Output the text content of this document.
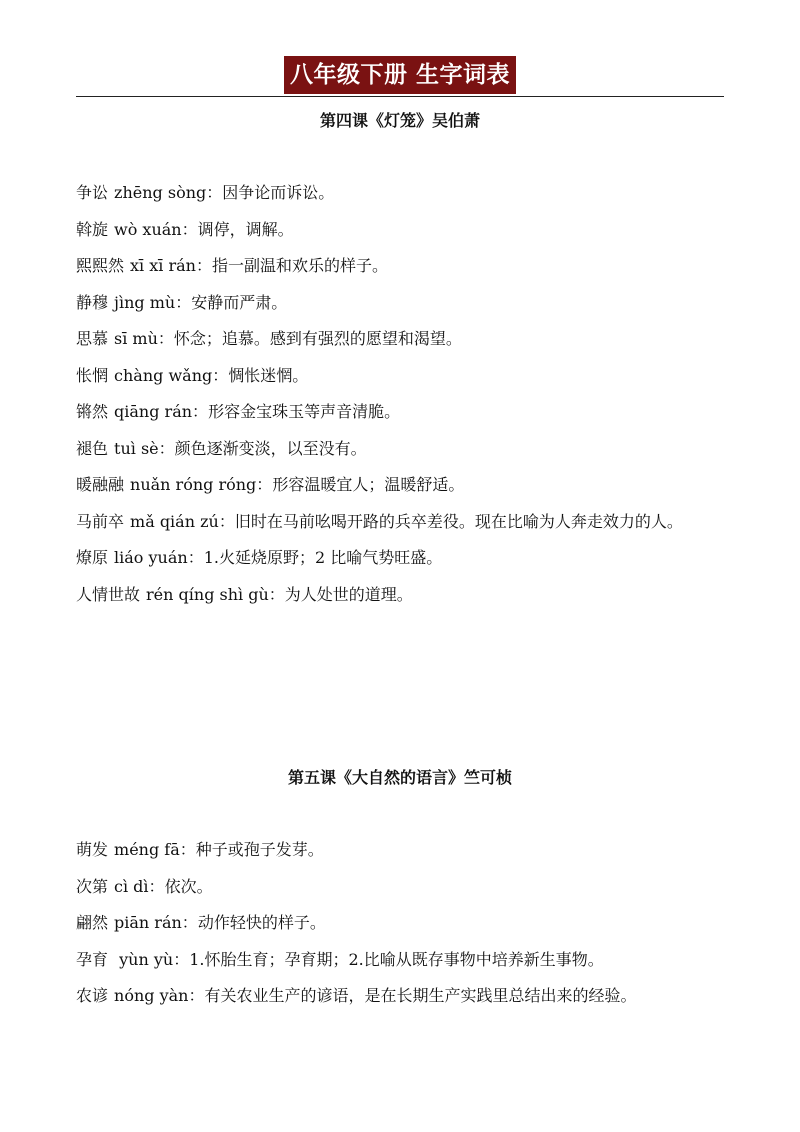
八年级下册 生字词表
第四课《灯笼》吴伯萧
争讼 zhēng sòng：因争论而诉讼。
斡旋 wò xuán：调停，调解。
熙熙然 xī xī rán：指一副温和欢乐的样子。
静穆 jìng mù：安静而严肃。
思慕 sī mù：怀念；追慕。感到有强烈的愿望和渴望。
怅惘 chàng wǎng：惆怅迷惘。
锵然 qiāng rán：形容金宝珠玉等声音清脆。
褪色 tuì sè：颜色逐渐变淡，以至没有。
暖融融 nuǎn róng róng：形容温暖宜人；温暖舒适。
马前卒 mǎ qián zú：旧时在马前吆喝开路的兵卒差役。现在比喻为人奔走效力的人。
燎原 liáo yuán：1.火延烧原野；2 比喻气势旺盛。
人情世故 rén qíng shì gù：为人处世的道理。
第五课《大自然的语言》竺可桢
萌发 méng fā：种子或孢子发芽。
次第 cì dì：依次。
翩然 piān rán：动作轻快的样子。
孕育 yùn yù：1.怀胎生育；孕育期；2.比喻从既存事物中培养新生事物。
农谚 nóng yàn：有关农业生产的谚语，是在长期生产实践里总结出来的经验。
